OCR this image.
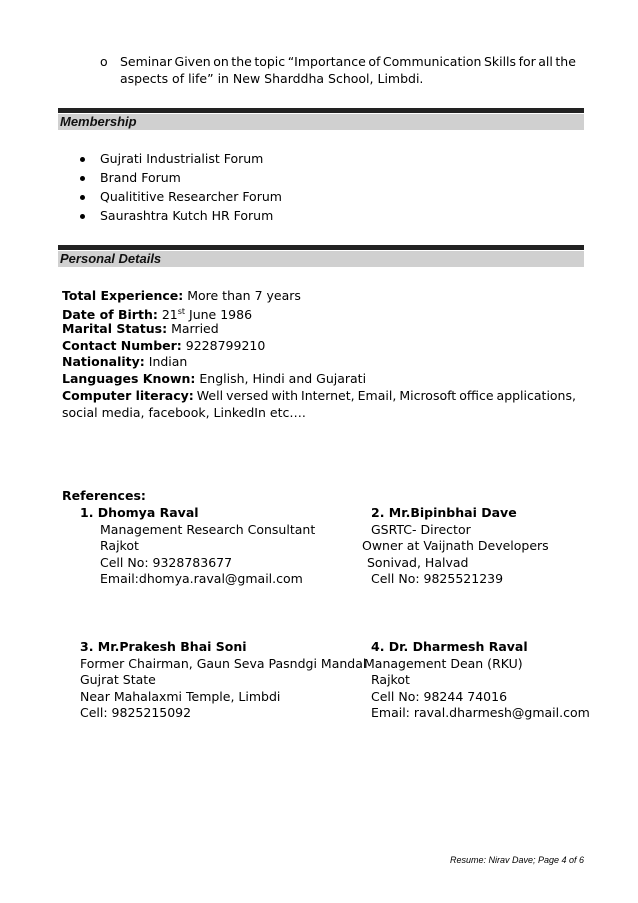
o Seminar Given on the topic “Importance of Communication Skills for all the
aspects of life” in New Sharddha School, Limbdi.
Membership
Gujrati Industrialist Forum
Brand Forum
Qualititive Researcher Forum
Saurashtra Kutch HR Forum
Personal Details
Total Experience: More than 7 years
Date of Birth: 21st June 1986
Marital Status: Married
Contact Number: 9228799210
Nationality: Indian
Languages Known: English, Hindi and Gujarati
Computer literacy: Well versed with Internet, Email, Microsoft office applications,
social media, facebook, LinkedIn etc….
References:
1. Dhomya Raval
Management Research Consultant
Rajkot
Cell No: 9328783677
Email:dhomya.raval@gmail.com
2. Mr.Bipinbhai Dave
GSRTC- Director
Owner at Vaijnath Developers
Sonivad, Halvad
Cell No: 9825521239
3. Mr.Prakesh Bhai Soni
Former Chairman, Gaun Seva Pasndgi Mandal
Gujrat State
Near Mahalaxmi Temple, Limbdi
Cell: 9825215092
4. Dr. Dharmesh Raval
Management Dean (RKU)
Rajkot
Cell No: 98244 74016
Email: raval.dharmesh@gmail.com
Resume: Nirav Dave; Page 4 of 6
